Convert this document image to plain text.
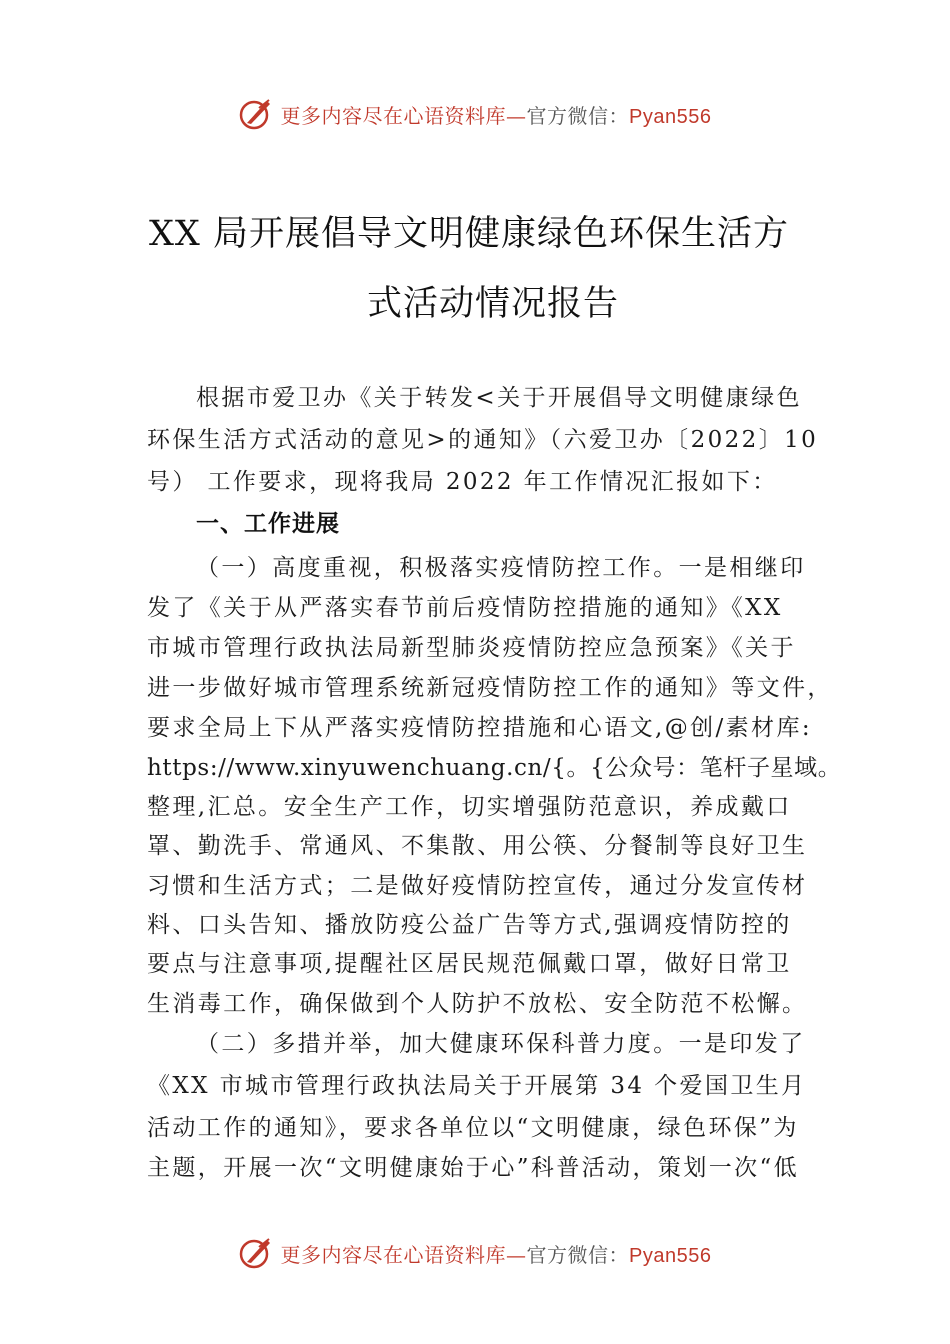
更多内容尽在心语资料库—官方微信：Pyan556
XX 局开展倡导文明健康绿色环保生活方
式活动情况报告
根据市爱卫办《关于转发<关于开展倡导文明健康绿色
环保生活方式活动的意见>的通知》（六爱卫办〔2022〕10
号） 工作要求，现将我局 2022 年工作情况汇报如下：
一、工作进展
（一）高度重视，积极落实疫情防控工作。一是相继印
发了《关于从严落实春节前后疫情防控措施的通知》《XX
市城市管理行政执法局新型肺炎疫情防控应急预案》《关于
进一步做好城市管理系统新冠疫情防控工作的通知》等文件，
要求全局上下从严落实疫情防控措施和心语文,@创/素材库:
https://www.xinyuwenchuang.cn/{。{公众号：笔杆子星域。
整理,汇总。安全生产工作，切实增强防范意识，养成戴口
罩、勤洗手、常通风、不集散、用公筷、分餐制等良好卫生
习惯和生活方式；二是做好疫情防控宣传，通过分发宣传材
料、口头告知、播放防疫公益广告等方式,强调疫情防控的
要点与注意事项,提醒社区居民规范佩戴口罩，做好日常卫
生消毒工作，确保做到个人防护不放松、安全防范不松懈。
（二）多措并举，加大健康环保科普力度。一是印发了
《XX 市城市管理行政执法局关于开展第 34 个爱国卫生月
活动工作的通知》，要求各单位以“文明健康，绿色环保”为
主题，开展一次“文明健康始于心”科普活动，策划一次“低
更多内容尽在心语资料库—官方微信：Pyan556
